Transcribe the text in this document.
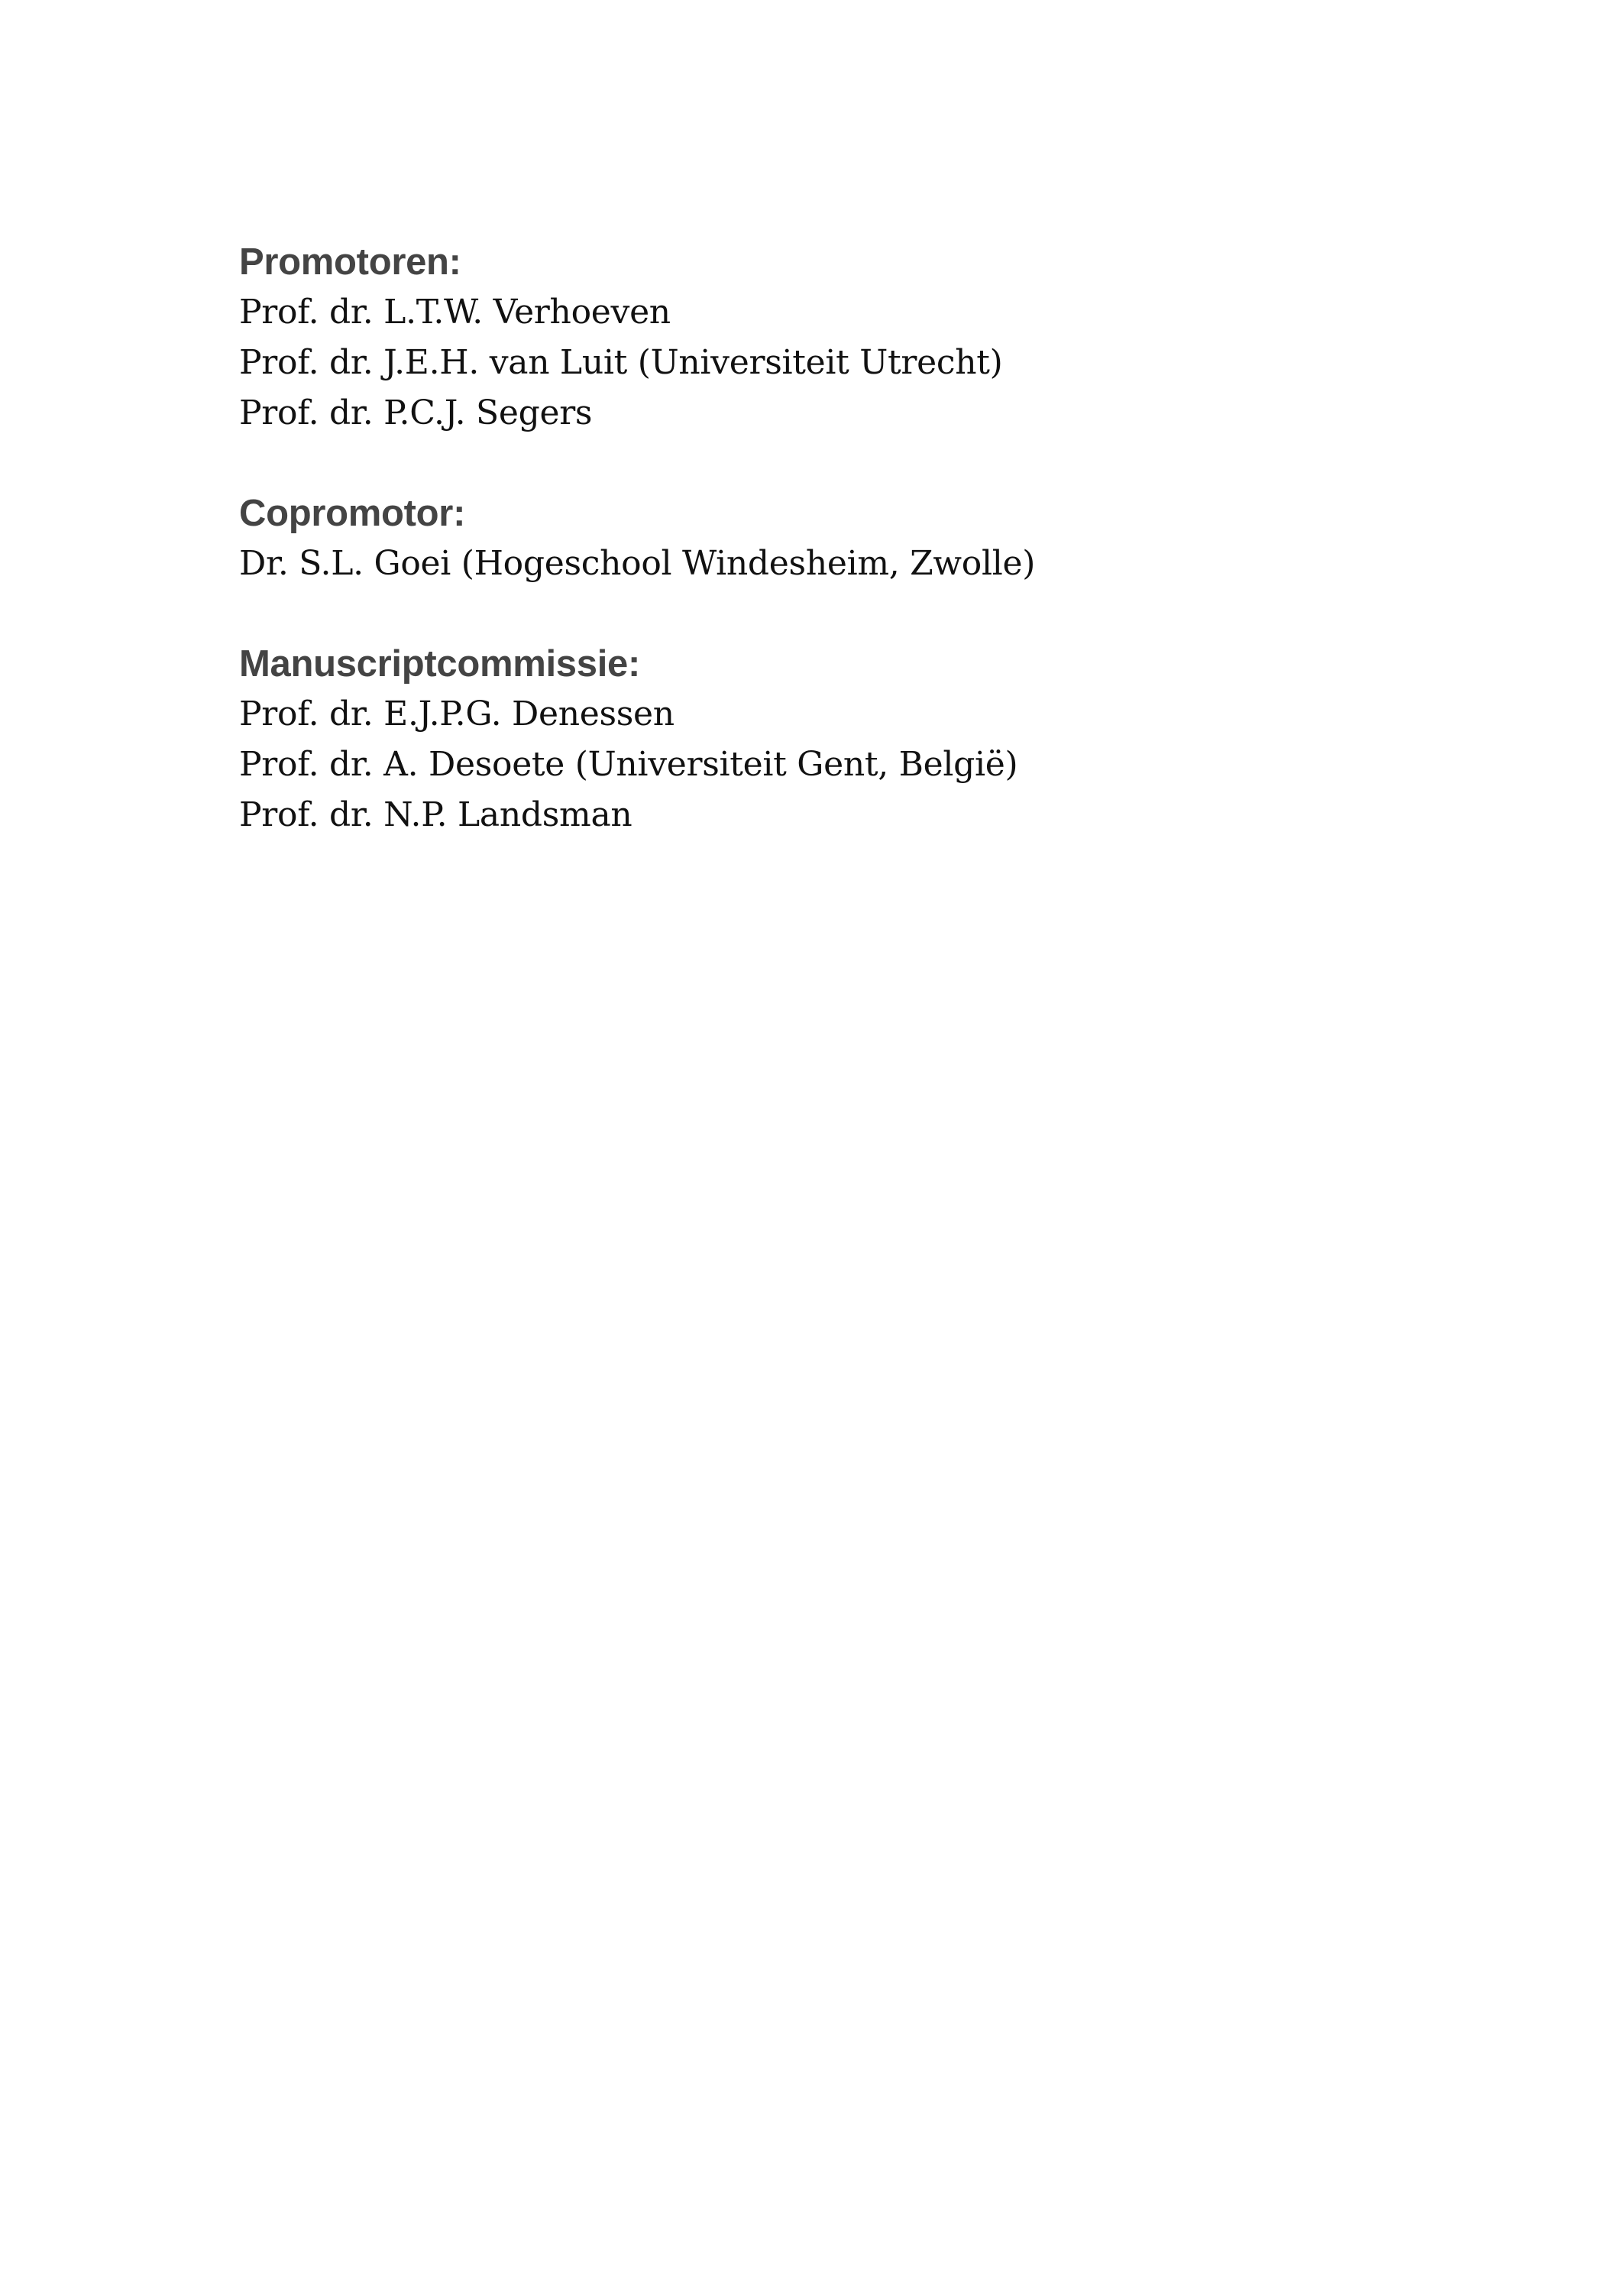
Promotoren:

Prof. dr. L.T.W. Verhoeven

Prof. dr. J.E.H. van Luit (Universiteit Utrecht)

Prof. dr. P.C.J. Segers

Copromotor:

Dr. S.L. Goei (Hogeschool Windesheim, Zwolle)

Manuscriptcommissie:

Prof. dr. E.J.P.G. Denessen

Prof. dr. A. Desoete (Universiteit Gent, België)

Prof. dr. N.P. Landsman
